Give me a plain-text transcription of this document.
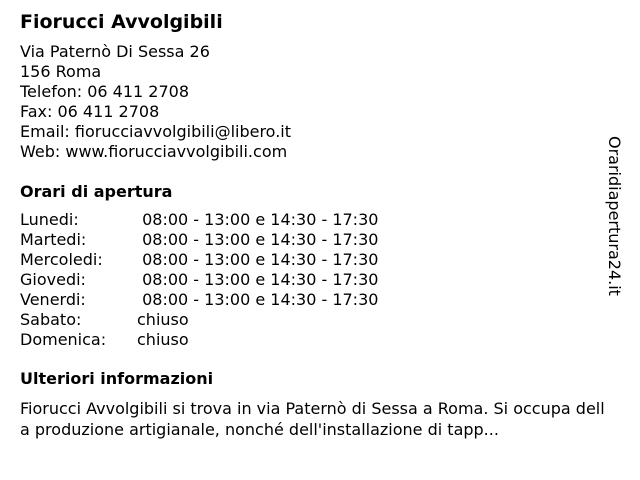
Fiorucci Avvolgibili
Via Paternò Di Sessa 26
156 Roma
Telefon: 06 411 2708
Fax: 06 411 2708
Email: fioruccia​vvolgibili@libero.it
Web: www.fioruccia​vvolgibili.com
Orari di apertura
Lunedi:	08:00 - 13:00 e 14:30 - 17:30
Martedi:	08:00 - 13:00 e 14:30 - 17:30
Mercoledi: 08:00 - 13:00 e 14:30 - 17:30
Giovedi:	08:00 - 13:00 e 14:30 - 17:30
Venerdi:	08:00 - 13:00 e 14:30 - 17:30
Sabato:	chiuso
Domenica: chiuso
Ulteriori informazioni
Fiorucci Avvolgibili si trova in via Paternò di Sessa a Roma. Si occupa della produzione artigianale, nonché dell'installazione di tapp...
Oraridiapertura24.it
